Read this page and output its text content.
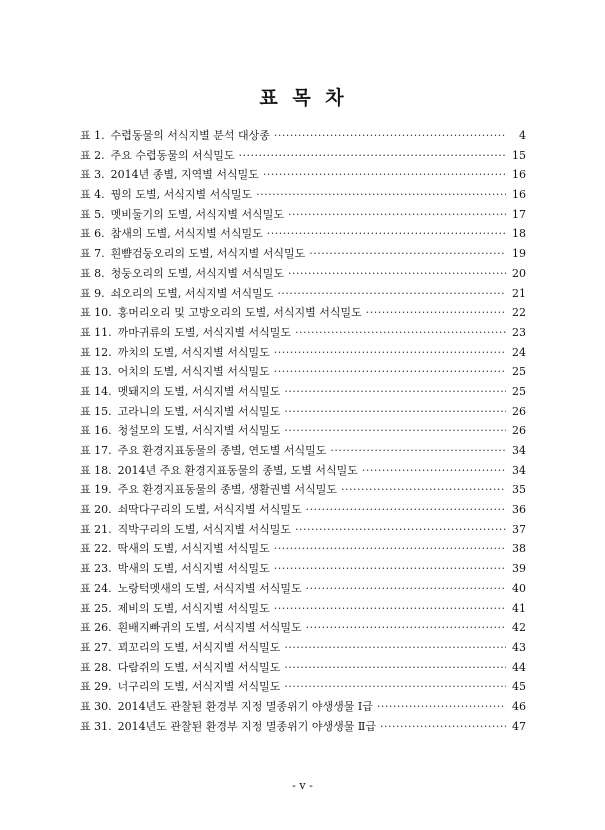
표 목 차
표 1. 수렵동물의 서식지별 분석 대상종 ·····	4
표 2. 주요 수렵동물의 서식밀도 ·····	15
표 3. 2014년 종별, 지역별 서식밀도 ·····	16
표 4. 꿩의 도별, 서식지별 서식밀도 ·····	16
표 5. 멧비둘기의 도별, 서식지별 서식밀도 ·····	17
표 6. 참새의 도별, 서식지별 서식밀도 ·····	18
표 7. 흰뺨검둥오리의 도별, 서식지별 서식밀도 ·····	19
표 8. 청둥오리의 도별, 서식지별 서식밀도 ·····	20
표 9. 쇠오리의 도별, 서식지별 서식밀도 ·····	21
표 10. 홍머리오리 및 고방오리의 도별, 서식지별 서식밀도 ·····	22
표 11. 까마귀류의 도별, 서식지별 서식밀도 ·····	23
표 12. 까치의 도별, 서식지별 서식밀도 ·····	24
표 13. 어치의 도별, 서식지별 서식밀도 ·····	25
표 14. 멧돼지의 도별, 서식지별 서식밀도 ·····	25
표 15. 고라니의 도별, 서식지별 서식밀도 ·····	26
표 16. 청설모의 도별, 서식지별 서식밀도 ·····	26
표 17. 주요 환경지표동물의 종별, 연도별 서식밀도 ·····	34
표 18. 2014년 주요 환경지표동물의 종별, 도별 서식밀도 ·····	34
표 19. 주요 환경지표동물의 종별, 생활권별 서식밀도 ·····	35
표 20. 쇠딱다구리의 도별, 서식지별 서식밀도 ·····	36
표 21. 직박구리의 도별, 서식지별 서식밀도 ·····	37
표 22. 딱새의 도별, 서식지별 서식밀도 ·····	38
표 23. 박새의 도별, 서식지별 서식밀도 ·····	39
표 24. 노랑턱멧새의 도별, 서식지별 서식밀도 ·····	40
표 25. 제비의 도별, 서식지별 서식밀도 ·····	41
표 26. 흰배지빠귀의 도별, 서식지별 서식밀도 ·····	42
표 27. 꾀꼬리의 도별, 서식지별 서식밀도 ·····	43
표 28. 다람쥐의 도별, 서식지별 서식밀도 ·····	44
표 29. 너구리의 도별, 서식지별 서식밀도 ·····	45
표 30. 2014년도 관찰된 환경부 지정 멸종위기 야생생물 Ⅰ급 ·····	46
표 31. 2014년도 관찰된 환경부 지정 멸종위기 야생생물 Ⅱ급 ·····	47
- v -
